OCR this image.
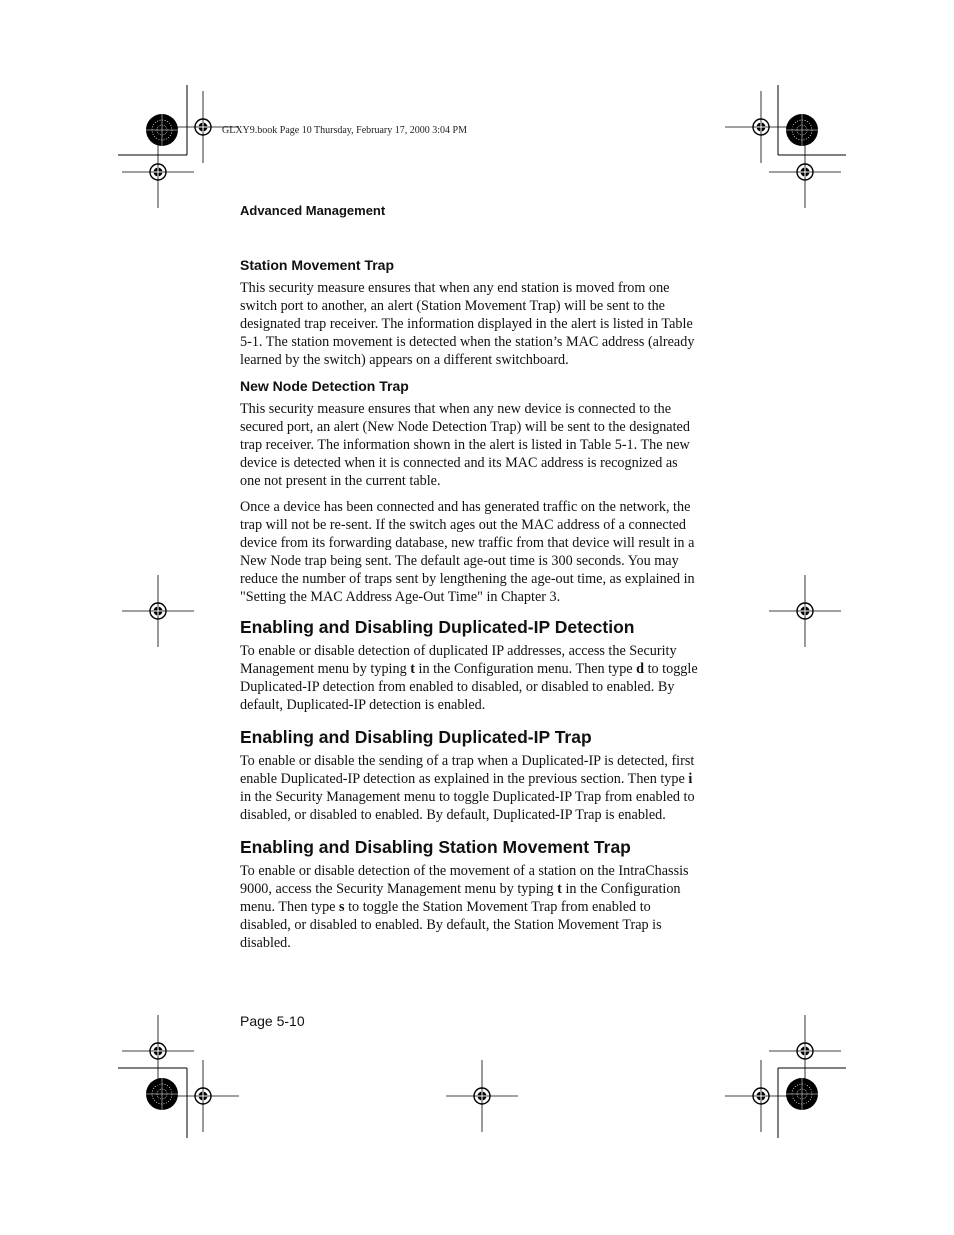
GLXY9.book Page 10 Thursday, February 17, 2000 3:04 PM
Advanced Management
Station Movement Trap

This security measure ensures that when any end station is moved from one switch port to another, an alert (Station Movement Trap) will be sent to the designated trap receiver. The information displayed in the alert is listed in Table 5-1. The station movement is detected when the station’s MAC address (already learned by the switch) appears on a different switchboard.

New Node Detection Trap

This security measure ensures that when any new device is connected to the secured port, an alert (New Node Detection Trap) will be sent to the designated trap receiver. The information shown in the alert is listed in Table 5-1. The new device is detected when it is connected and its MAC address is recognized as one not present in the current table.

Once a device has been connected and has generated traffic on the network, the trap will not be re-sent. If the switch ages out the MAC address of a connected device from its forwarding database, new traffic from that device will result in a New Node trap being sent. The default age-out time is 300 seconds. You may reduce the number of traps sent by lengthening the age-out time, as explained in "Setting the MAC Address Age-Out Time" in Chapter 3.

Enabling and Disabling Duplicated-IP Detection

To enable or disable detection of duplicated IP addresses, access the Security Management menu by typing t in the Configuration menu. Then type d to toggle Duplicated-IP detection from enabled to disabled, or disabled to enabled. By default, Duplicated-IP detection is enabled.

Enabling and Disabling Duplicated-IP Trap

To enable or disable the sending of a trap when a Duplicated-IP is detected, first enable Duplicated-IP detection as explained in the previous section. Then type i in the Security Management menu to toggle Duplicated-IP Trap from enabled to disabled, or disabled to enabled. By default, Duplicated-IP Trap is enabled.

Enabling and Disabling Station Movement Trap

To enable or disable detection of the movement of a station on the IntraChassis 9000, access the Security Management menu by typing t in the Configuration menu. Then type s to toggle the Station Movement Trap from enabled to disabled, or disabled to enabled. By default, the Station Movement Trap is disabled.

Page 5-10
